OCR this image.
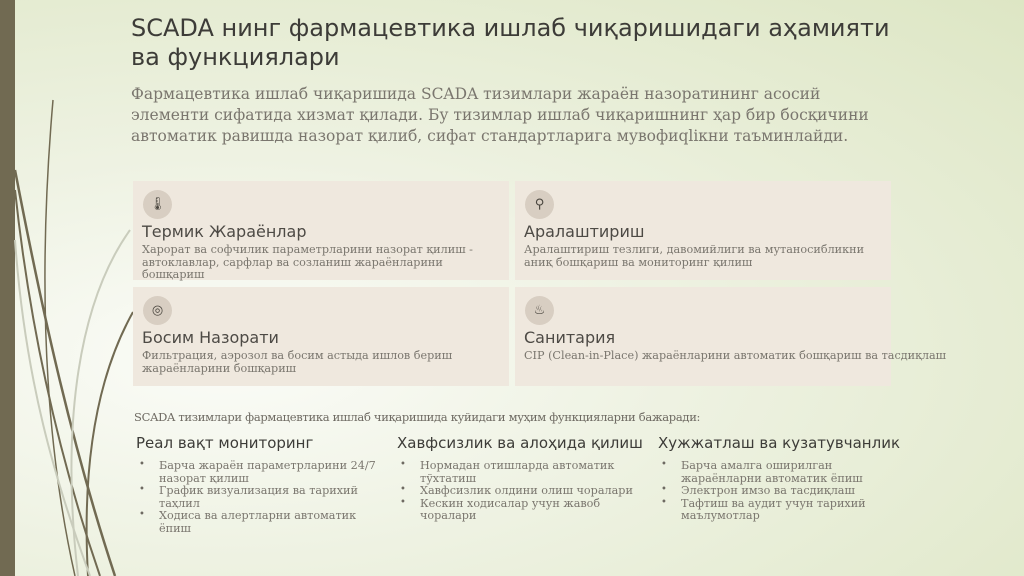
SCADA нинг фармацевтика ишлаб чиқаришидаги аҳамияти ва функциялари
Фармацевтика ишлаб чиқаришида SCADA тизимлари жараён назоратининг асосий элементи сифатида хизмат қилади. Бу тизимлар ишлаб чиқаришнинг ҳар бир босқичини автоматик равишда назорат қилиб, сифат стандартларига мувофиqlікни таъминлайди.
🌡
Термик Жараёнлар
Харорат ва софчилик параметрларини назорат қилиш - автоклавлар, сарфлар ва созланиш жараёнларини бошқариш
⚲
Аралаштириш
Аралаштириш тезлиги, давомийлиги ва мутаносибликни аниқ бошқариш ва мониторинг қилиш
◎
Босим Назорати
Фильтрация, аэрозол ва босим астыда ишлов бериш жараёнларини бошқариш
♨
Санитария
CIP (Clean-in-Place) жараёнларини автоматик бошқариш ва тасдиқлаш
SCADA тизимлари фармацевтика ишлаб чиқаришида куйидаги муҳим функцияларни бажаради:
Реал вақт мониторинг
• Барча жараён параметрларини 24/7 назорат қилиш
• График визуализация ва тарихий таҳлил
• Ходиса ва алертларни автоматик ёпиш
Хавфсизлик ва алоҳида қилиш
• Нормадан отишларда автоматик тўхтатиш
• Хавфсизлик олдини олиш чоралари
• Кескин ходисалар учун жавоб чоралари
Хужжатлаш ва кузатувчанлик
• Барча амалга оширилган жараёнларни автоматик ёпиш
• Электрон имзо ва тасдиқлаш
• Тафтиш ва аудит учун тарихий маълумотлар
